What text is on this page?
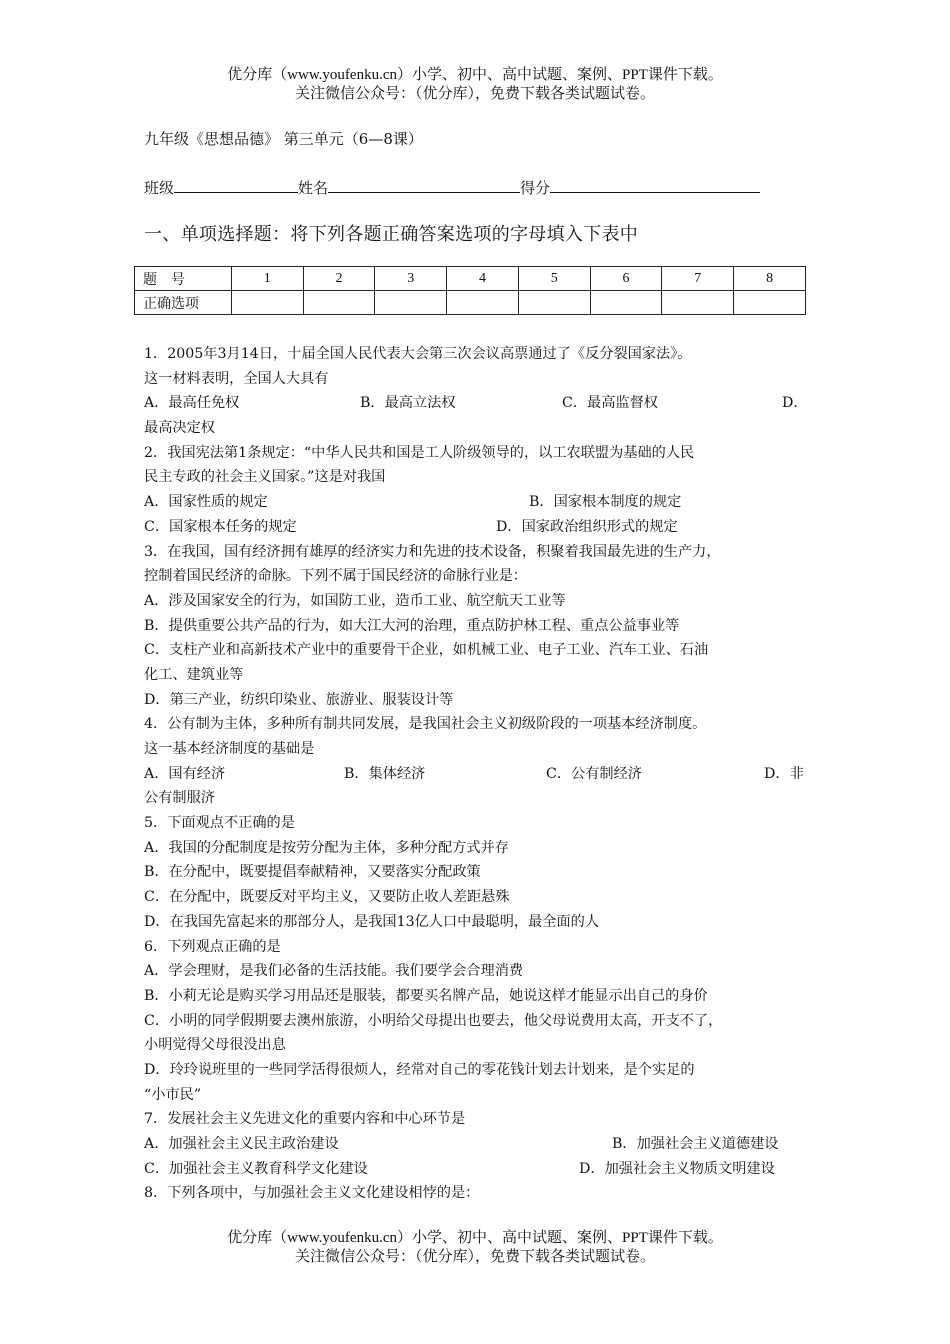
优分库（www.youfenku.cn）小学、初中、高中试题、案例、PPT课件下载。
关注微信公众号：（优分库），免费下载各类试题试卷。
九年级《思想品德》 第三单元（6—8课）
班级	姓名	得分
一、单项选择题：将下列各题正确答案选项的字母填入下表中
题　号	1	2	3	4	5	6	7	8
正确选项								
1．2005年3月14日，十届全国人民代表大会第三次会议高票通过了《反分裂国家法》。
这一材料表明，全国人大具有
A．最高任免权	B．最高立法权	C．最高监督权	D．
最高决定权
2．我国宪法第1条规定：“中华人民共和国是工人阶级领导的，以工农联盟为基础的人民
民主专政的社会主义国家。”这是对我国
A．国家性质的规定	B．国家根本制度的规定
C．国家根本任务的规定	D．国家政治组织形式的规定
3．在我国，国有经济拥有雄厚的经济实力和先进的技术设备，积聚着我国最先进的生产力，
控制着国民经济的命脉。下列不属于国民经济的命脉行业是：
A．涉及国家安全的行为，如国防工业，造币工业、航空航天工业等
B．提供重要公共产品的行为，如大江大河的治理，重点防护林工程、重点公益事业等
C．支柱产业和高新技术产业中的重要骨干企业，如机械工业、电子工业、汽车工业、石油
化工、建筑业等
D．第三产业，纺织印染业、旅游业、服装设计等
4．公有制为主体，多种所有制共同发展，是我国社会主义初级阶段的一项基本经济制度。
这一基本经济制度的基础是
A．国有经济	B．集体经济	C．公有制经济	D．非
公有制服济
5．下面观点不正确的是
A．我国的分配制度是按劳分配为主体，多种分配方式并存
B．在分配中，既要提倡奉献精神，又要落实分配政策
C．在分配中，既要反对平均主义，又要防止收人差距悬殊
D．在我国先富起来的那部分人，是我国13亿人口中最聪明，最全面的人
6．下列观点正确的是
A．学会理财，是我们必备的生活技能。我们要学会合理消费
B．小莉无论是购买学习用品还是服装，都要买名牌产品，她说这样才能显示出自己的身价
C．小明的同学假期要去澳州旅游，小明给父母提出也要去，他父母说费用太高，开支不了，
小明觉得父母很没出息
D．玲玲说班里的一些同学活得很烦人，经常对自己的零花钱计划去计划来，是个实足的
“小市民”
7．发展社会主义先进文化的重要内容和中心环节是
A．加强社会主义民主政治建设	B．加强社会主义道德建设
C．加强社会主义教育科学文化建设	D．加强社会主义物质文明建设
8．下列各项中，与加强社会主义文化建设相悖的是：
优分库（www.youfenku.cn）小学、初中、高中试题、案例、PPT课件下载。
关注微信公众号：（优分库），免费下载各类试题试卷。
